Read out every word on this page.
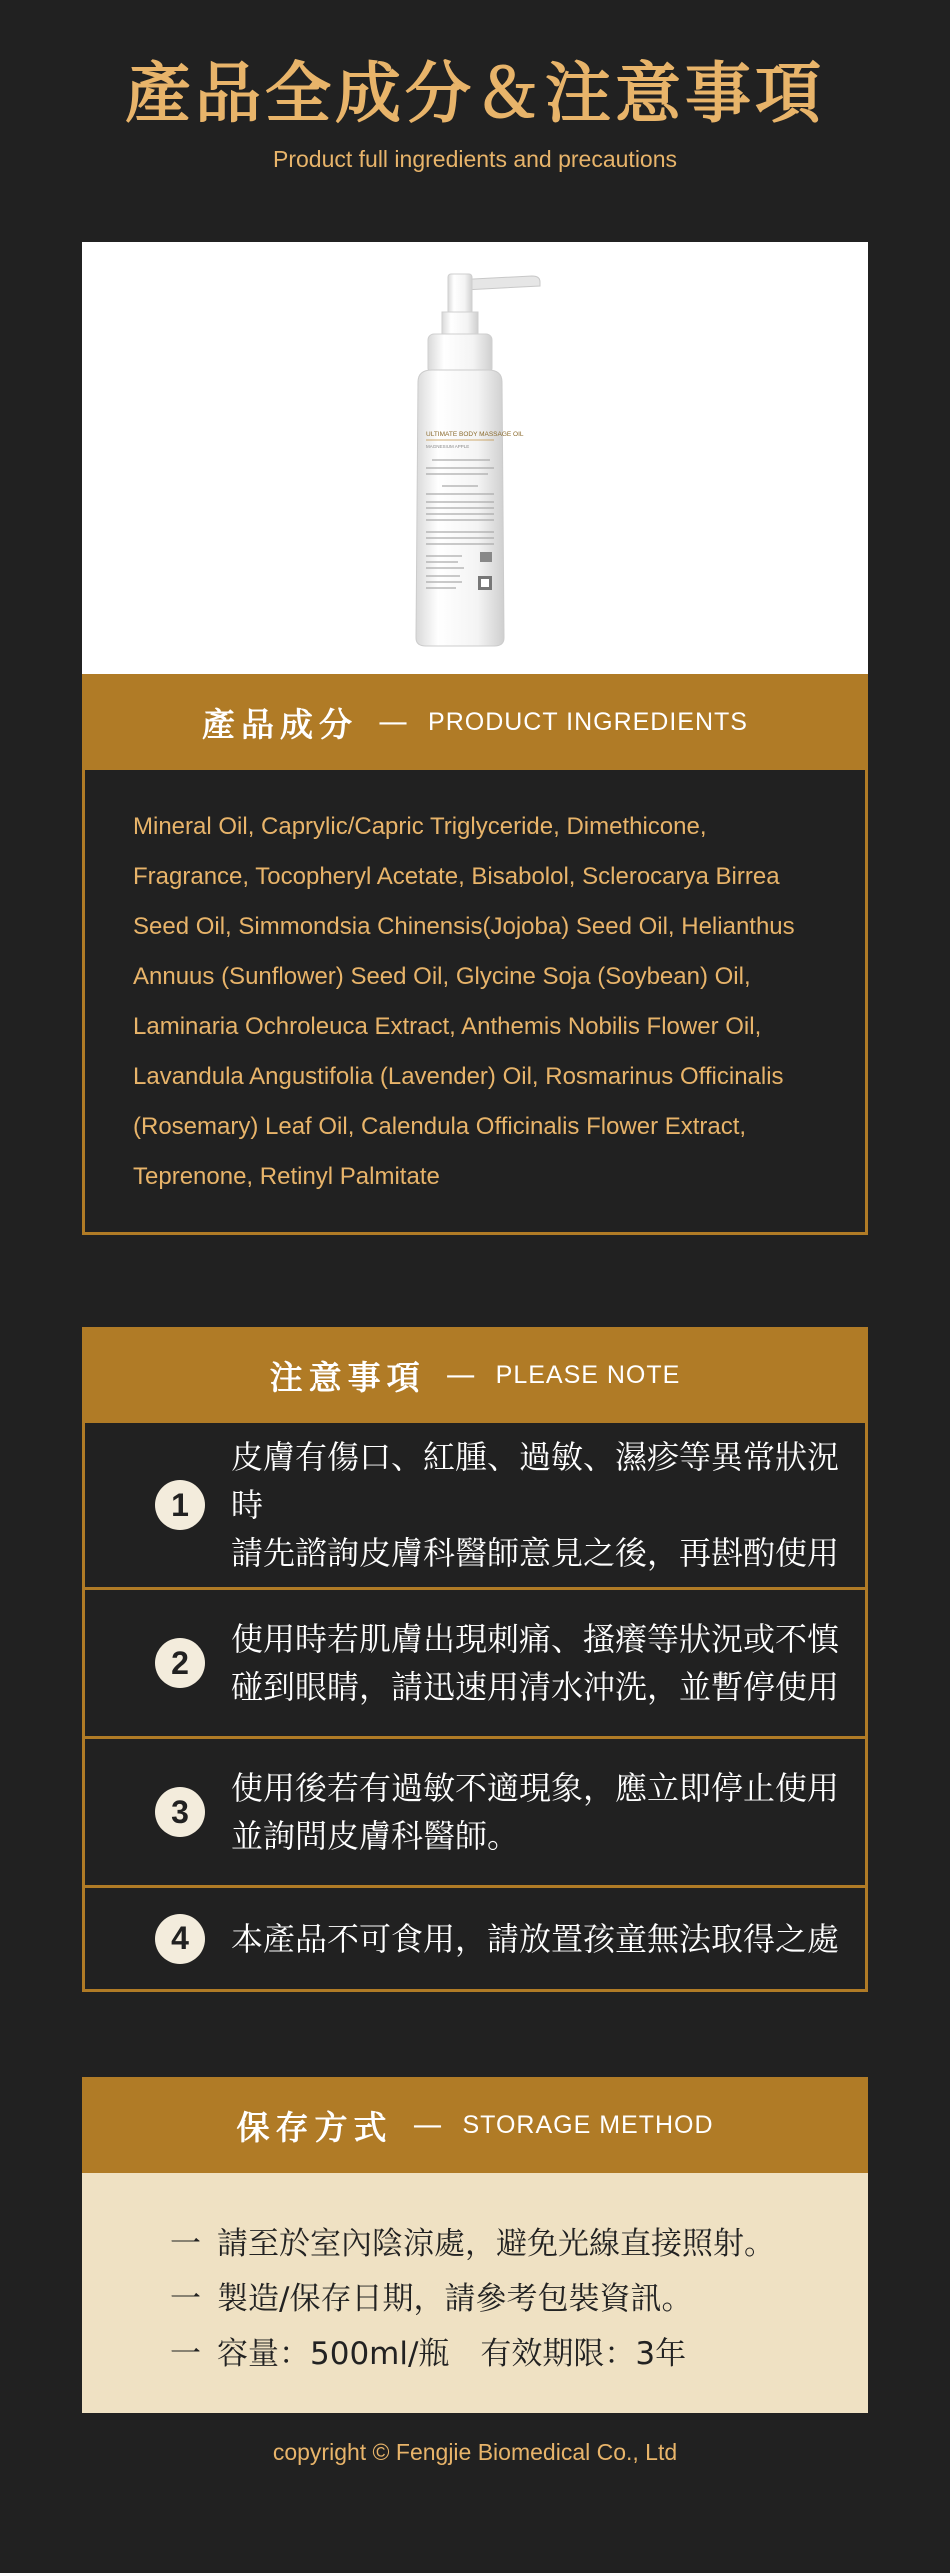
產品全成分＆注意事項
Product full ingredients and precautions
ULTIMATE BODY MASSAGE OIL
MAGNESIUM APPLE
產品成分 — PRODUCT INGREDIENTS

Mineral Oil, Caprylic/Capric Triglyceride, Dimethicone, Fragrance, Tocopheryl Acetate, Bisabolol, Sclerocarya Birrea Seed Oil, Simmondsia Chinensis(Jojoba) Seed Oil, Helianthus Annuus (Sunflower) Seed Oil, Glycine Soja (Soybean) Oil, Laminaria Ochroleuca Extract, Anthemis Nobilis Flower Oil, Lavandula Angustifolia (Lavender) Oil, Rosmarinus Officinalis (Rosemary) Leaf Oil, Calendula Officinalis Flower Extract, Teprenone, Retinyl Palmitate

注意事項 — PLEASE NOTE
1
皮膚有傷口、紅腫、過敏、濕疹等異常狀況時
請先諮詢皮膚科醫師意見之後，再斟酌使用
2
使用時若肌膚出現刺痛、搔癢等狀況或不慎
碰到眼睛，請迅速用清水沖洗，並暫停使用
3
使用後若有過敏不適現象，應立即停止使用
並詢問皮膚科醫師。
4	本產品不可食用，請放置孩童無法取得之處
保存方式 — STORAGE METHOD
一 請至於室內陰涼處，避免光線直接照射。
一 製造/保存日期，請參考包裝資訊。
一 容量：500ml/瓶　有效期限：3年
copyright © Fengjie Biomedical Co., Ltd
